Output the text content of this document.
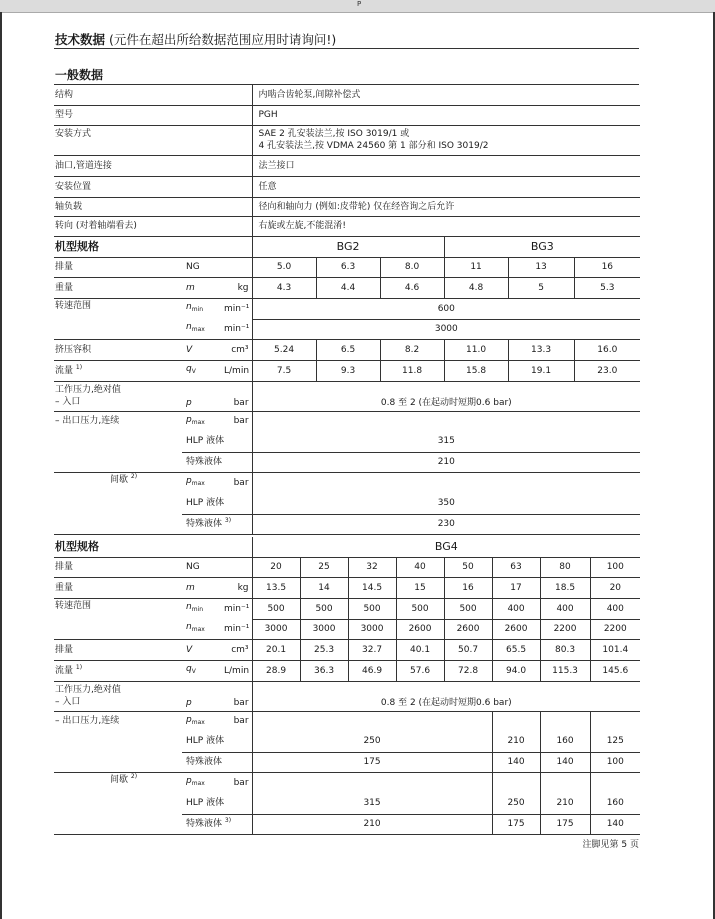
P
技术数据 (元件在超出所给数据范围应用时请询问!)
一般数据
结构	内啮合齿轮泵,间隙补偿式
型号	PGH
安装方式	SAE 2 孔安装法兰,按 ISO 3019/1 或
4 孔安装法兰,按 VDMA 24560 第 1 部分和 ISO 3019/2

油口,管道连接	法兰接口
安装位置	任意
轴负载	径向和轴向力 (例如:皮带轮) 仅在经咨询之后允许
转向 (对着轴端看去)	右旋或左旋,不能混淆!
机型规格			BG2			BG3		
排量	NG		5.0	6.3	8.0	11	13	16
重量	m	kg	4.3	4.4	4.6	4.8	5	5.3
转速范围	$n_{min}$	min⁻¹	600					
	$n_{max}$	min⁻¹	3000					
挤压容积	V	cm³	5.24	6.5	8.2	11.0	13.3	16.0
流量 $^{1)}$	$q_V$	L/min	7.5	9.3	11.8	15.8	19.1	23.0

工作压力,绝对值
– 入口	p	bar	0.8 至 2 (在起动时短期0.6 bar)					
– 出口压力,连续	$p_{max}$	bar						
	HLP 液体		315					
	特殊液体		210					
间歇 $^{2)}$	$p_{max}$	bar						
	HLP 液体		350					
	特殊液体 $^{3)}$		230					
机型规格			BG4							
排量	NG		20	25	32	40	50	63	80	100
重量	m	kg	13.5	14	14.5	15	16	17	18.5	20
转速范围	$n_{min}$	min⁻¹	500	500	500	500	500	400	400	400
	$n_{max}$	min⁻¹	3000	3000	3000	2600	2600	2600	2200	2200
排量	V	cm³	20.1	25.3	32.7	40.1	50.7	65.5	80.3	101.4
流量 $^{1)}$	$q_V$	L/min	28.9	36.3	46.9	57.6	72.8	94.0	115.3	145.6

工作压力,绝对值
– 入口	p	bar	0.8 至 2 (在起动时短期0.6 bar)							
– 出口压力,连续	$p_{max}$	bar								
	HLP 液体		250					210	160	125
	特殊液体		175					140	140	100
间歇 $^{2)}$	$p_{max}$	bar								
	HLP 液体		315					250	210	160
	特殊液体 $^{3)}$		210					175	175	140
注脚见第 5 页
